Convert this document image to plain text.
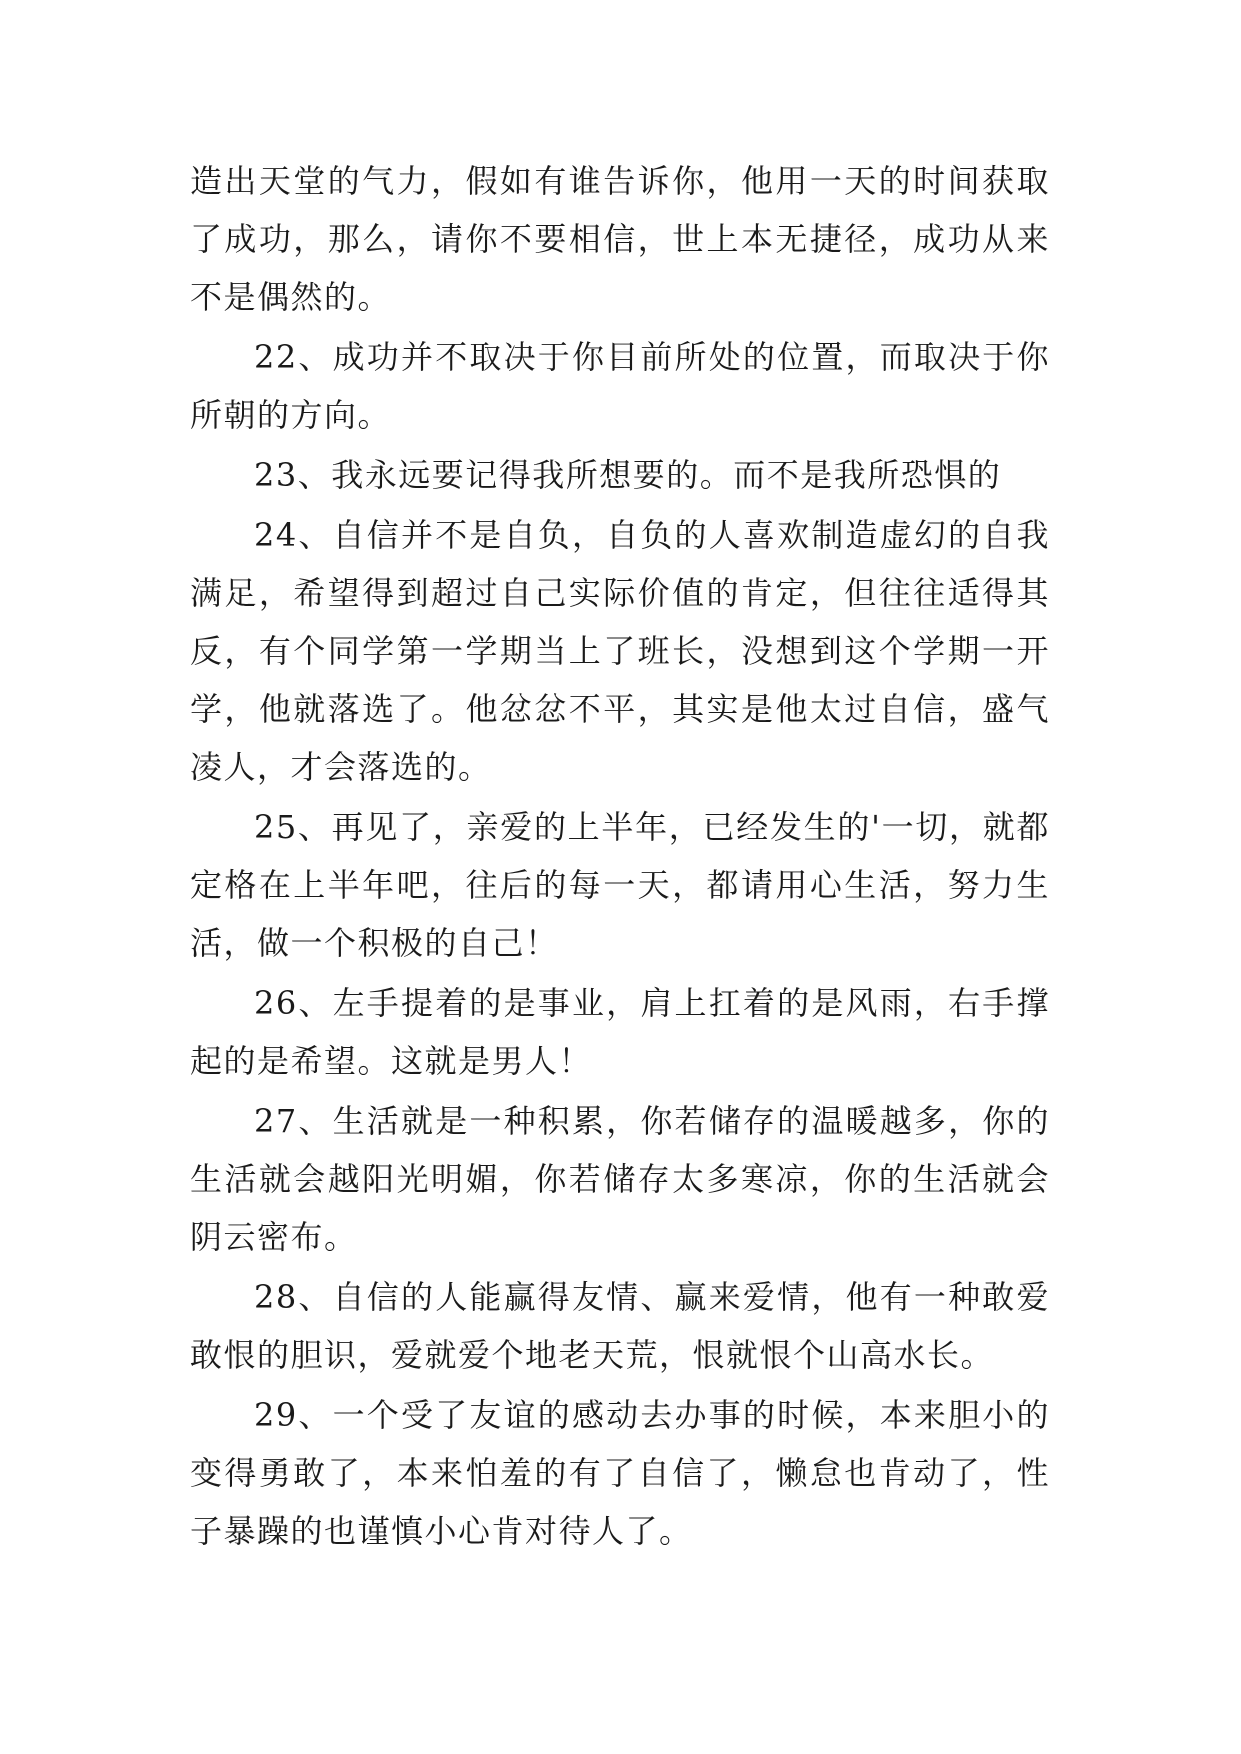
造出天堂的气力，假如有谁告诉你，他用一天的时间获取了成功，那么，请你不要相信，世上本无捷径，成功从来不是偶然的。

22、成功并不取决于你目前所处的位置，而取决于你所朝的方向。

23、我永远要记得我所想要的。而不是我所恐惧的

24、自信并不是自负，自负的人喜欢制造虚幻的自我满足，希望得到超过自己实际价值的肯定，但往往适得其反，有个同学第一学期当上了班长，没想到这个学期一开学，他就落选了。他忿忿不平，其实是他太过自信，盛气凌人，才会落选的。

25、再见了，亲爱的上半年，已经发生的'一切，就都定格在上半年吧，往后的每一天，都请用心生活，努力生活，做一个积极的自己！

26、左手提着的是事业，肩上扛着的是风雨，右手撑起的是希望。这就是男人！

27、生活就是一种积累，你若储存的温暖越多，你的生活就会越阳光明媚，你若储存太多寒凉，你的生活就会阴云密布。

28、自信的人能赢得友情、赢来爱情，他有一种敢爱敢恨的胆识，爱就爱个地老天荒，恨就恨个山高水长。

29、一个受了友谊的感动去办事的时候，本来胆小的变得勇敢了，本来怕羞的有了自信了，懒怠也肯动了，性子暴躁的也谨慎小心肯对待人了。
